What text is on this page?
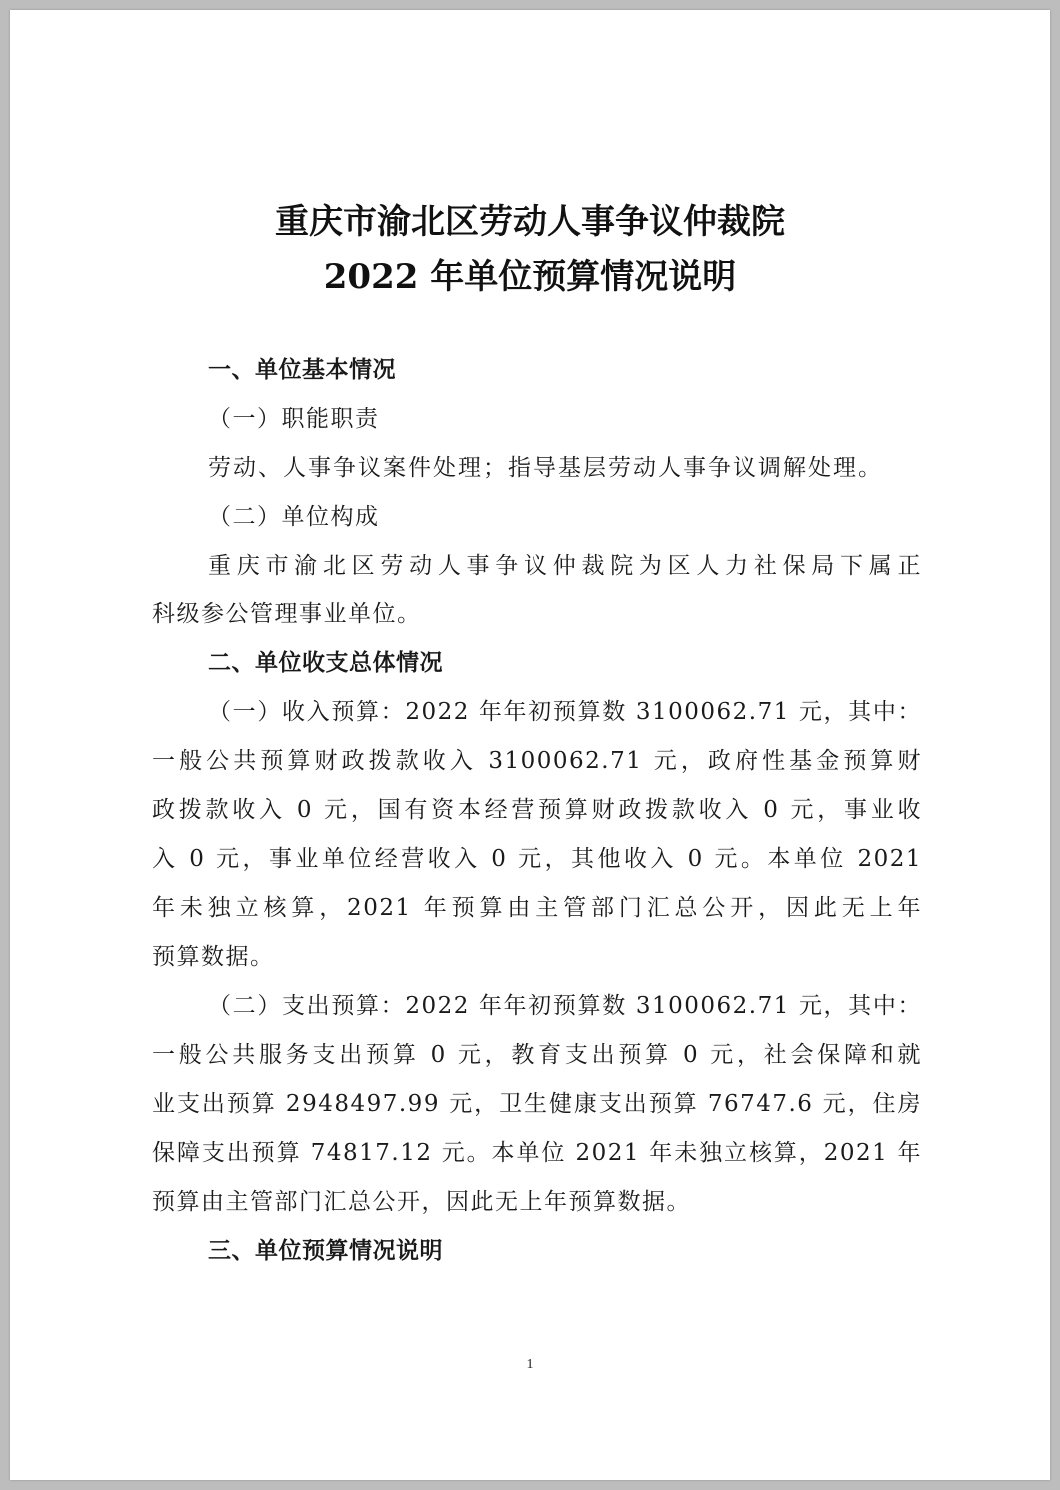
重庆市渝北区劳动人事争议仲裁院
2022 年单位预算情况说明
一、单位基本情况
（一）职能职责
劳动、人事争议案件处理；指导基层劳动人事争议调解处理。
（二）单位构成
重庆市渝北区劳动人事争议仲裁院为区人力社保局下属正
科级参公管理事业单位。
二、单位收支总体情况
（一）收入预算：2022 年年初预算数 3100062.71 元，其中：
一般公共预算财政拨款收入 3100062.71 元，政府性基金预算财
政拨款收入 0 元，国有资本经营预算财政拨款收入 0 元，事业收
入 0 元，事业单位经营收入 0 元，其他收入 0 元。本单位 2021
年未独立核算，2021 年预算由主管部门汇总公开，因此无上年
预算数据。
（二）支出预算：2022 年年初预算数 3100062.71 元，其中：
一般公共服务支出预算 0 元，教育支出预算 0 元，社会保障和就
业支出预算 2948497.99 元，卫生健康支出预算 76747.6 元，住房
保障支出预算 74817.12 元。本单位 2021 年未独立核算，2021 年
预算由主管部门汇总公开，因此无上年预算数据。
三、单位预算情况说明
1
